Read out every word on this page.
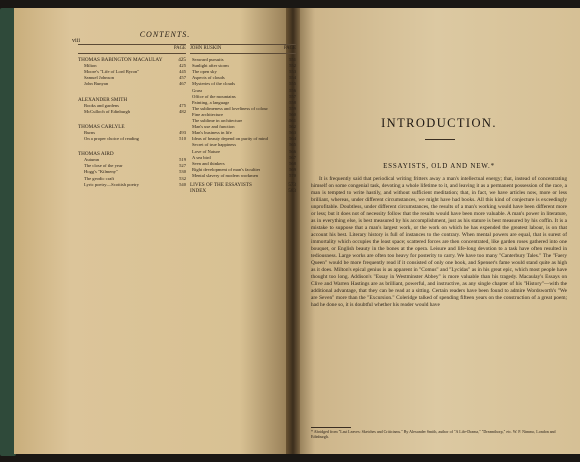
viii
CONTENTS.
PAGE
THOMAS BABINGTON MACAULAY	425
Milton	425
Moore's "Life of Lord Byron"	445
Samuel Johnson	457
John Bunyan	467
ALEXANDER SMITH
Books and gardens	475
McCulloch of Edinburgh	482
THOMAS CARLYLE
Burns	493
On a proper choice of reading	510
THOMAS AIRD
Autumn	519
The close of the year	527
Hogg's "Kilmeny"	530
The geodic craft	532
Lyric poetry—Scottish poetry	540
JOHN RUSKIN	PAGE
Seaward pursuits	551
Sunlight after storm	552
The open sky	553
Aspects of clouds	554
Mysteries of the clouds	555
Grass	556
Office of the mountains	557
Painting, a language	558
The sublimeness and loveliness of colour	559
Fine architecture	560
The sublime in architecture	561
Man's use and function	562
Man's business in life	563
Ideas of beauty depend on purity of mind	564
Secret of true happiness	565
Love of Nature	566
A sea bird	567
Seen and thinkers	568
Right development of man's faculties	569
Mental slavery of modern workmen	570
LIVES OF THE ESSAYISTS	573
INDEX	583
INTRODUCTION.
ESSAYISTS, OLD AND NEW.*

It is frequently said that periodical writing fritters away a man's intellectual energy; that, instead of concentrating himself on some congenial task, devoting a whole lifetime to it, and leaving it as a permanent possession of the race, a man is tempted to write hastily, and without sufficient meditation; that, in fact, we have articles now, more or less brilliant, whereas, under different circumstances, we might have had books. All this kind of conjecture is exceedingly unprofitable. Doubtless, under different circumstances, the results of a man's working would have been different more or less; but it does not of necessity follow that the results would have been more valuable. A man's power in literature, as in everything else, is best measured by his accomplishment, just as his stature is best measured by his coffin. It is a mistake to suppose that a man's largest work, or the work on which he has expended the greatest labour, is on that account his best. Literary history is full of instances to the contrary. When mental powers are equal, that is surest of immortality which occupies the least space; scattered forces are then concentrated, like garden roses gathered into one bouquet, or English beauty in the bones at the opera. Leisure and life-long devotion to a task have often resulted in tediousness. Large works are often too heavy for posterity to carry. We have too many "Canterbury Tales." The "Faery Queen" would be more frequently read if it consisted of only one book, and Spenser's fame would stand quite as high as it does. Milton's epical genius is as apparent in "Comus" and "Lycidas" as in his great epic, which most people have thought too long. Addison's "Essay in Westminster Abbey" is more valuable than his tragedy. Macaulay's Essays on Clive and Warren Hastings are as brilliant, powerful, and instructive, as any single chapter of his "History"—with the additional advantage, that they can be read at a sitting. Certain readers have been found to admire Wordsworth's "We are Seven" more than the "Excursion." Coleridge talked of spending fifteen years on the construction of a great poem; had he done so, it is doubtful whether his reader would have

* Abridged from "Last Leaves: Sketches and Criticisms." By Alexander Smith, author of "A Life-Drama," "Dreamthorp," etc. W. P. Nimmo, London and Edinburgh.
